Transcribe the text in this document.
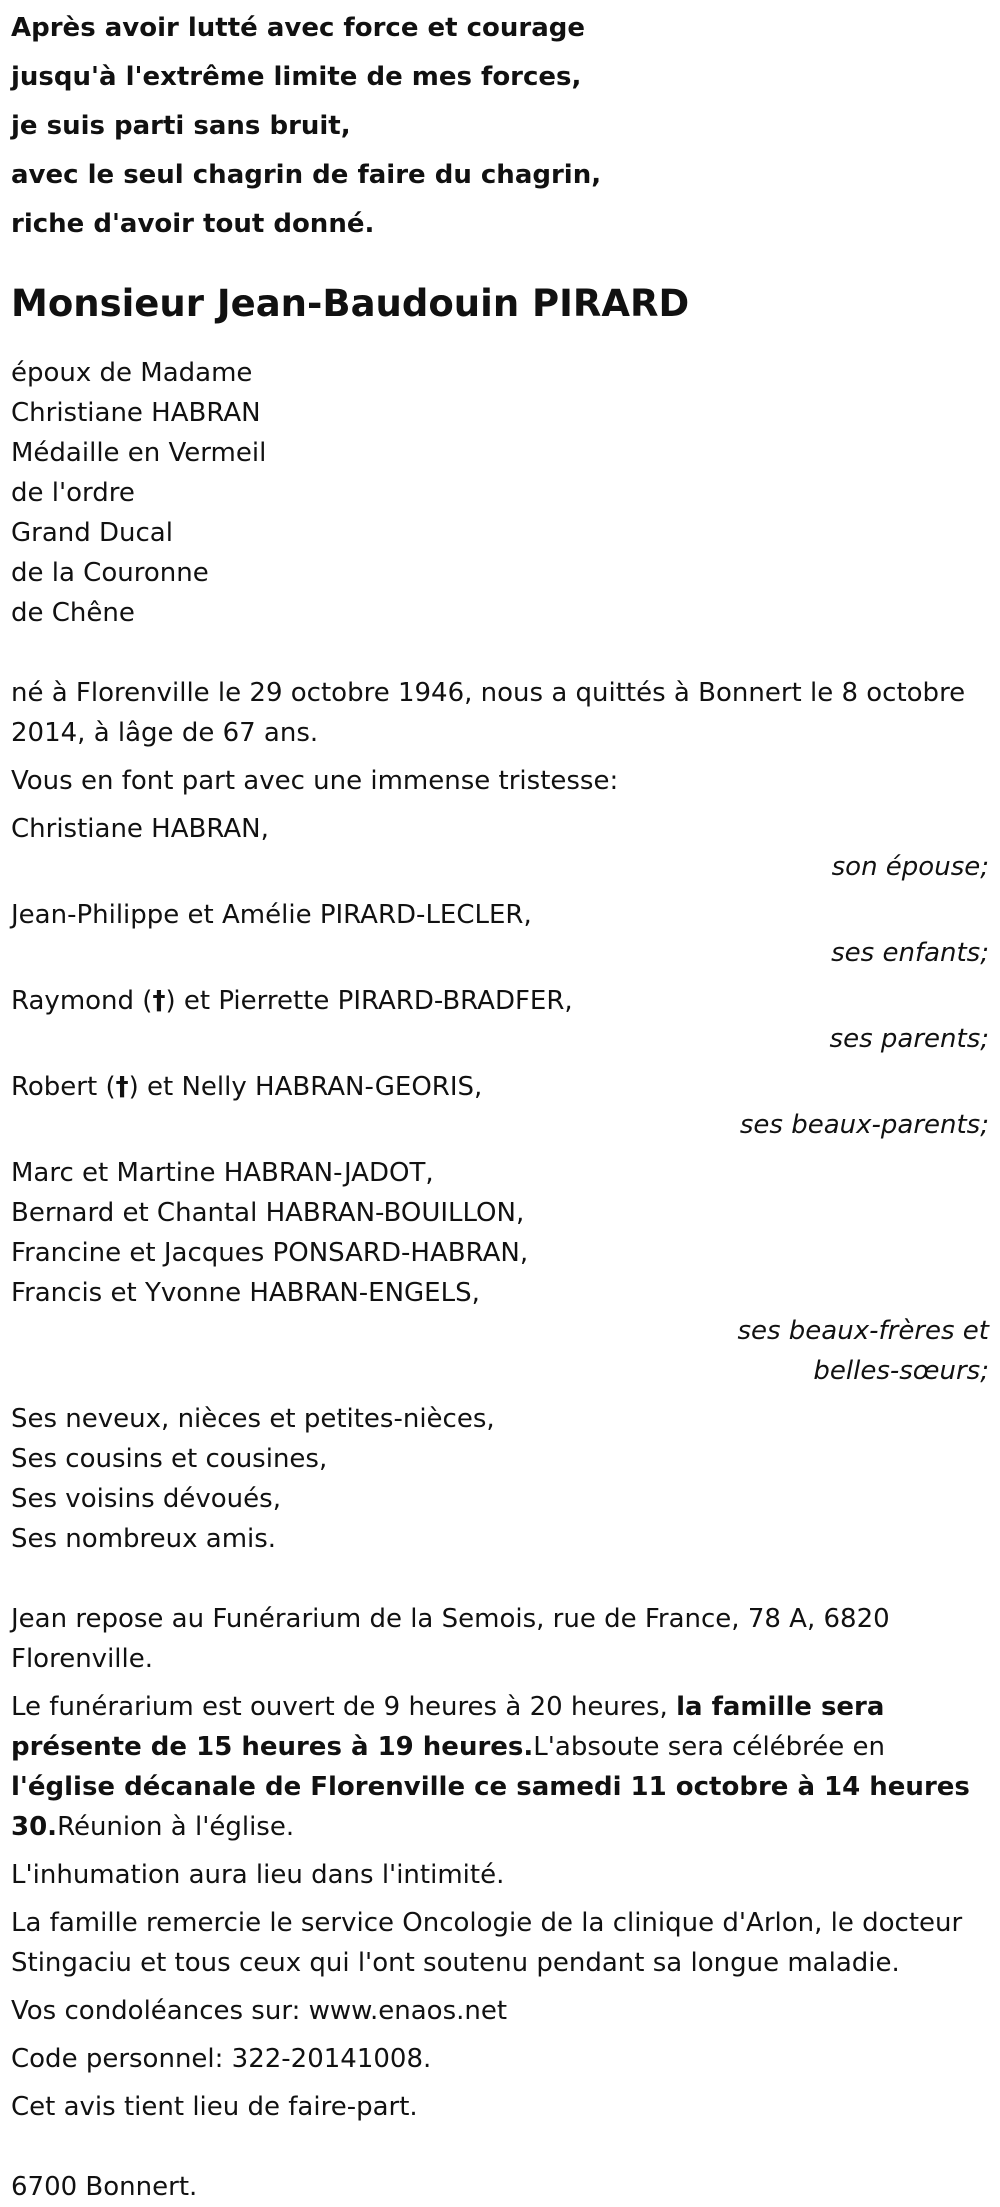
Après avoir lutté avec force et courage
jusqu'à l'extrême limite de mes forces,
je suis parti sans bruit,
avec le seul chagrin de faire du chagrin,
riche d'avoir tout donné.
Monsieur Jean-Baudouin PIRARD
époux de Madame
Christiane HABRAN
Médaille en Vermeil
de l'ordre
Grand Ducal
de la Couronne
de Chêne

né à Florenville le 29 octobre 1946, nous a quittés à Bonnert le 8 octobre 2014, à lâge de 67 ans.

Vous en font part avec une immense tristesse:

Christiane HABRAN,
son épouse;
Jean-Philippe et Amélie PIRARD-LECLER,
ses enfants;
Raymond (†) et Pierrette PIRARD-BRADFER,
ses parents;
Robert (†) et Nelly HABRAN-GEORIS,
ses beaux-parents;
Marc et Martine HABRAN-JADOT,
Bernard et Chantal HABRAN-BOUILLON,
Francine et Jacques PONSARD-HABRAN,
Francis et Yvonne HABRAN-ENGELS,
ses beaux-frères et
belles-sœurs;
Ses neveux, nièces et petites-nièces,
Ses cousins et cousines,
Ses voisins dévoués,
Ses nombreux amis.

Jean repose au Funérarium de la Semois, rue de France, 78 A, 6820 Florenville.

Le funérarium est ouvert de 9 heures à 20 heures, la famille sera présente de 15 heures à 19 heures.L'absoute sera célébrée en l'église décanale de Florenville ce samedi 11 octobre à 14 heures 30.Réunion à l'église.

L'inhumation aura lieu dans l'intimité.

La famille remercie le service Oncologie de la clinique d'Arlon, le docteur Stingaciu et tous ceux qui l'ont soutenu pendant sa longue maladie.

Vos condoléances sur: www.enaos.net

Code personnel: 322-20141008.

Cet avis tient lieu de faire-part.

6700 Bonnert.
